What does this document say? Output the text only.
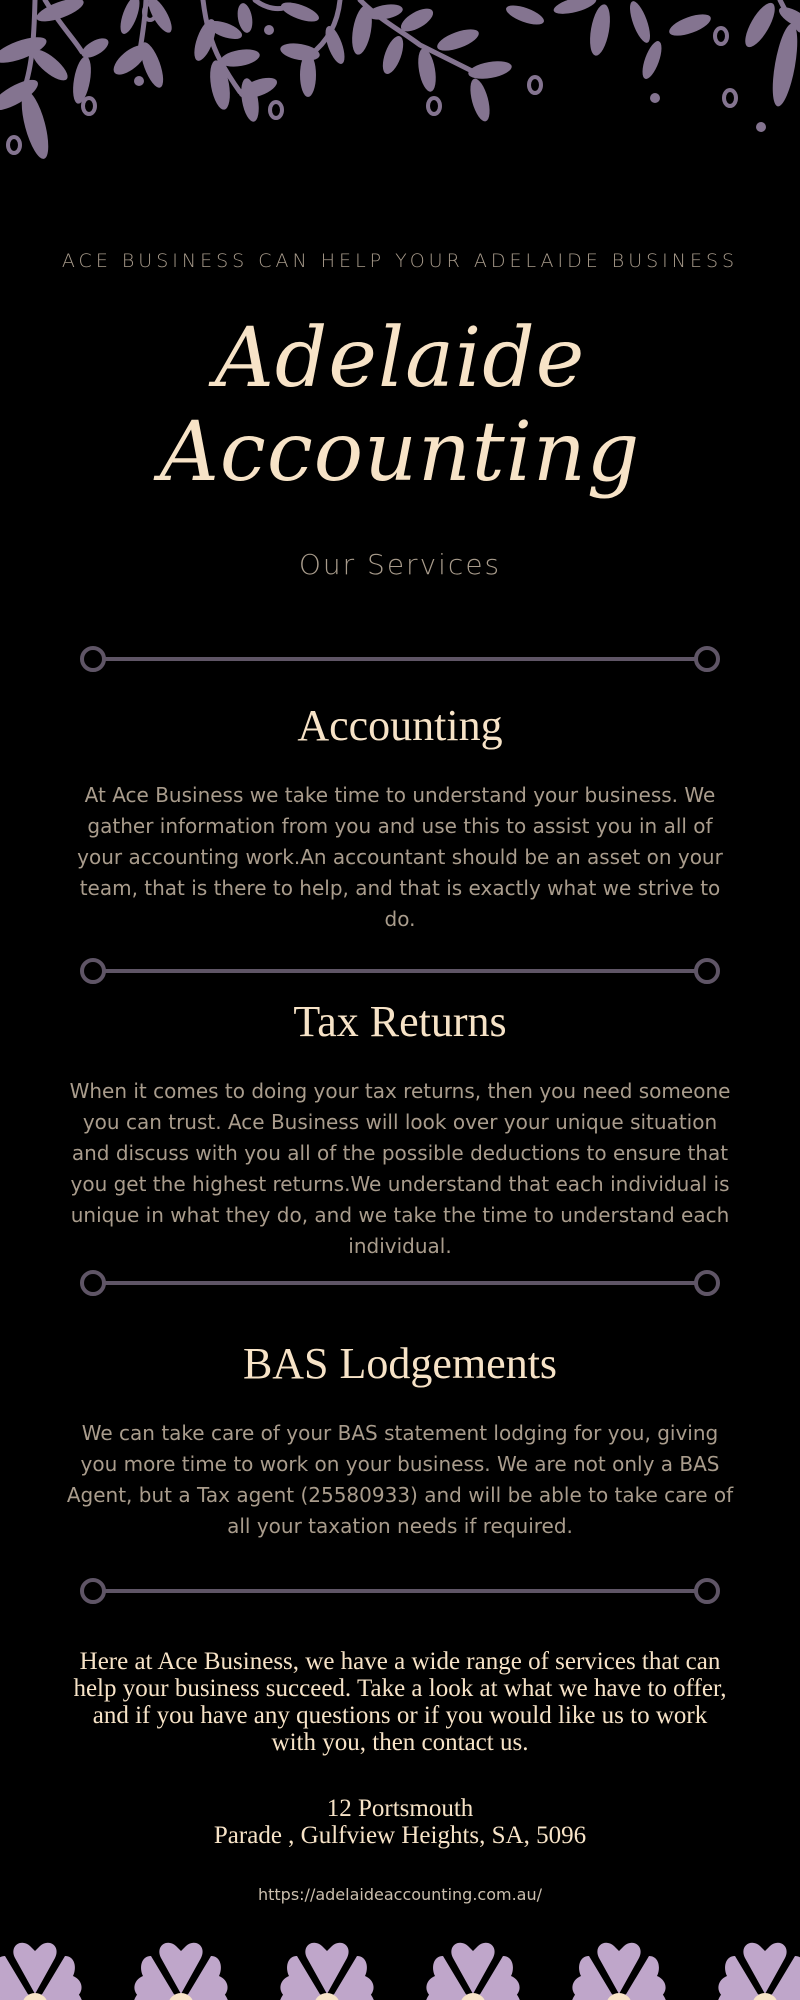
ACE BUSINESS CAN HELP YOUR ADELAIDE BUSINESS
Adelaide
Accounting
Our Services
Accounting

At Ace Business we take time to understand your business. We gather information from you and use this to assist you in all of your accounting work.An accountant should be an asset on your team, that is there to help, and that is exactly what we strive to do.

Tax Returns

When it comes to doing your tax returns, then you need someone you can trust. Ace Business will look over your unique situation and discuss with you all of the possible deductions to ensure that you get the highest returns.We understand that each individual is unique in what they do, and we take the time to understand each individual.

BAS Lodgements

We can take care of your BAS statement lodging for you, giving you more time to work on your business. We are not only a BAS Agent, but a Tax agent (25580933) and will be able to take care of all your taxation needs if required.

Here at Ace Business, we have a wide range of services that can help your business succeed. Take a look at what we have to offer, and if you have any questions or if you would like us to work with you, then contact us.

12 Portsmouth
Parade , Gulfview Heights, SA, 5096
https://adelaideaccounting.com.au/
